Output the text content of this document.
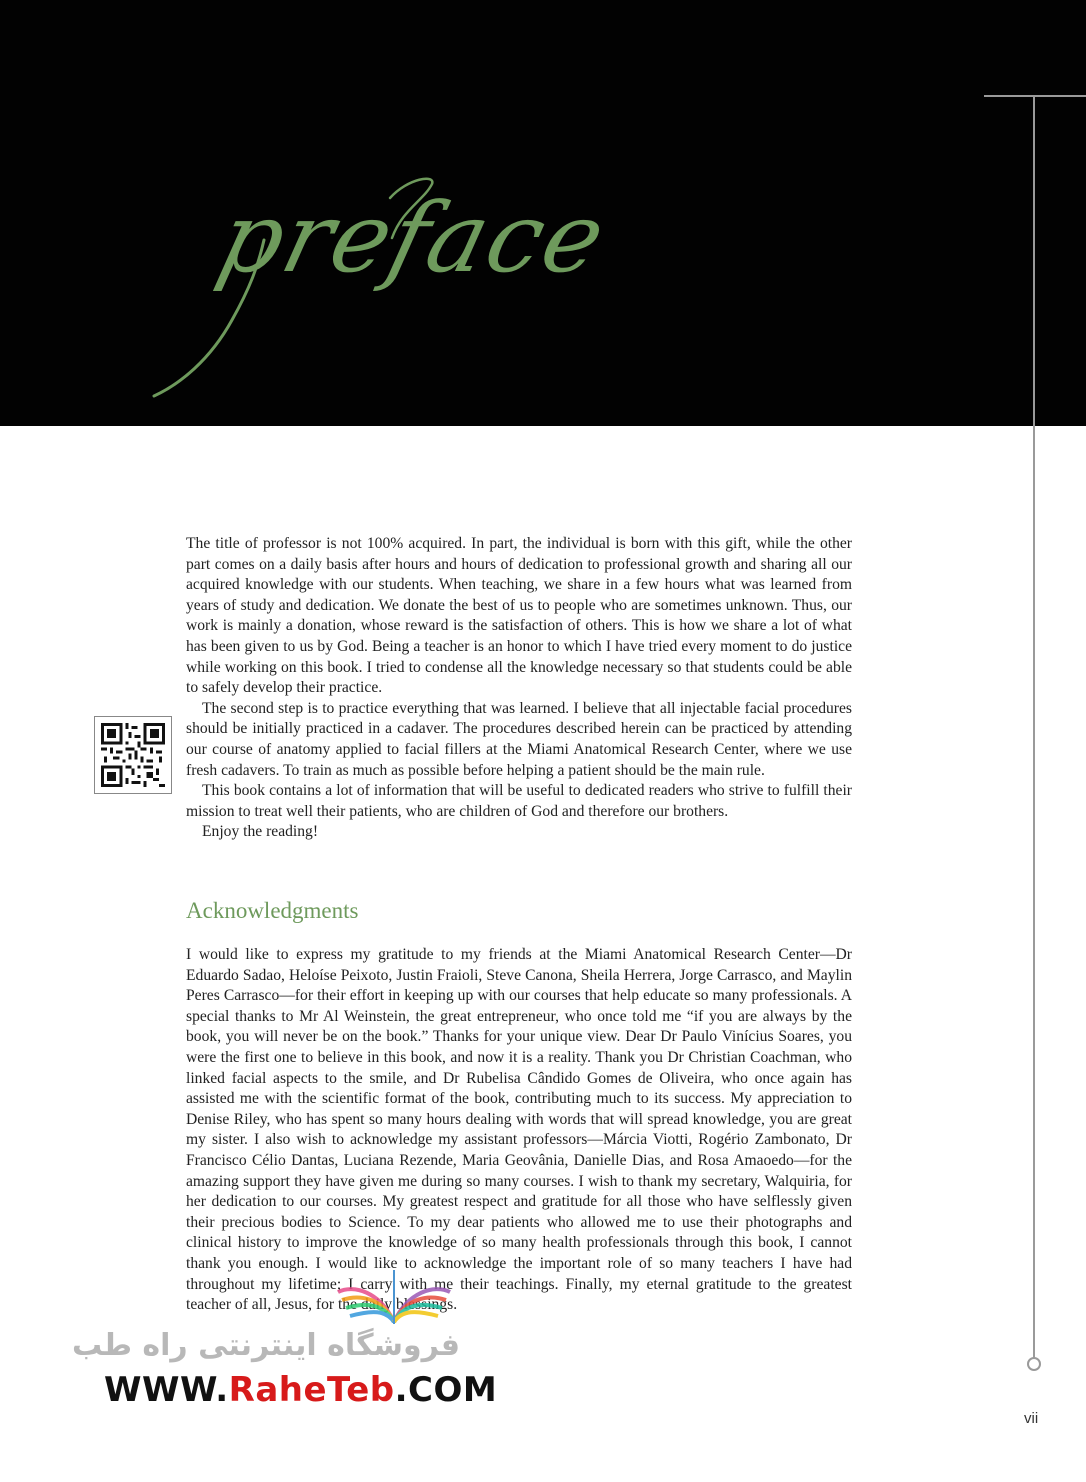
preface

The title of professor is not 100% acquired. In part, the individual is born with this gift, while the other part comes on a daily basis after hours and hours of dedication to professional growth and sharing all our acquired knowledge with our students. When teaching, we share in a few hours what was learned from years of study and dedication. We donate the best of us to people who are sometimes unknown. Thus, our work is mainly a donation, whose reward is the satisfaction of others. This is how we share a lot of what has been given to us by God. Being a teacher is an honor to which I have tried every moment to do justice while working on this book. I tried to condense all the knowledge necessary so that students could be able to safely develop their practice.

The second step is to practice everything that was learned. I believe that all injectable facial procedures should be initially practiced in a cadaver. The procedures described herein can be practiced by attending our course of anatomy applied to facial fillers at the Miami Anatomical Research Center, where we use fresh cadavers. To train as much as possible before helping a patient should be the main rule.

This book contains a lot of information that will be useful to dedicated readers who strive to fulfill their mission to treat well their patients, who are children of God and therefore our brothers.

Enjoy the reading!

Acknowledgments

I would like to express my gratitude to my friends at the Miami Anatomical Research Center—Dr Eduardo Sadao, Heloíse Peixoto, Justin Fraioli, Steve Canona, Sheila Herrera, Jorge Carrasco, and Maylin Peres Carrasco—for their effort in keeping up with our courses that help educate so many professionals. A special thanks to Mr Al Weinstein, the great entrepreneur, who once told me “if you are always by the book, you will never be on the book.” Thanks for your unique view. Dear Dr Paulo Vinícius Soares, you were the first one to believe in this book, and now it is a reality. Thank you Dr Christian Coachman, who linked facial aspects to the smile, and Dr Rubelisa Cândido Gomes de Oliveira, who once again has assisted me with the scientific format of the book, contributing much to its success. My appreciation to Denise Riley, who has spent so many hours dealing with words that will spread knowledge, you are great my sister. I also wish to acknowledge my assistant professors—Márcia Viotti, Rogério Zambonato, Dr Francisco Célio Dantas, Luciana Rezende, Maria Geovânia, Danielle Dias, and Rosa Amaoedo—for the amazing support they have given me during so many courses. I wish to thank my secretary, Walquiria, for her dedication to our courses. My greatest respect and gratitude for all those who have selflessly given their precious bodies to Science. To my dear patients who allowed me to use their photographs and clinical history to improve the knowledge of so many health professionals through this book, I cannot thank you enough. I would like to acknowledge the important role of so many teachers I have had throughout my lifetime; I carry with me their teachings. Finally, my eternal gratitude to the greatest teacher of all, Jesus, for the daily blessings.

فروشگاه اینترنتی راه طب
WWW.RaheTeb.COM
vii
